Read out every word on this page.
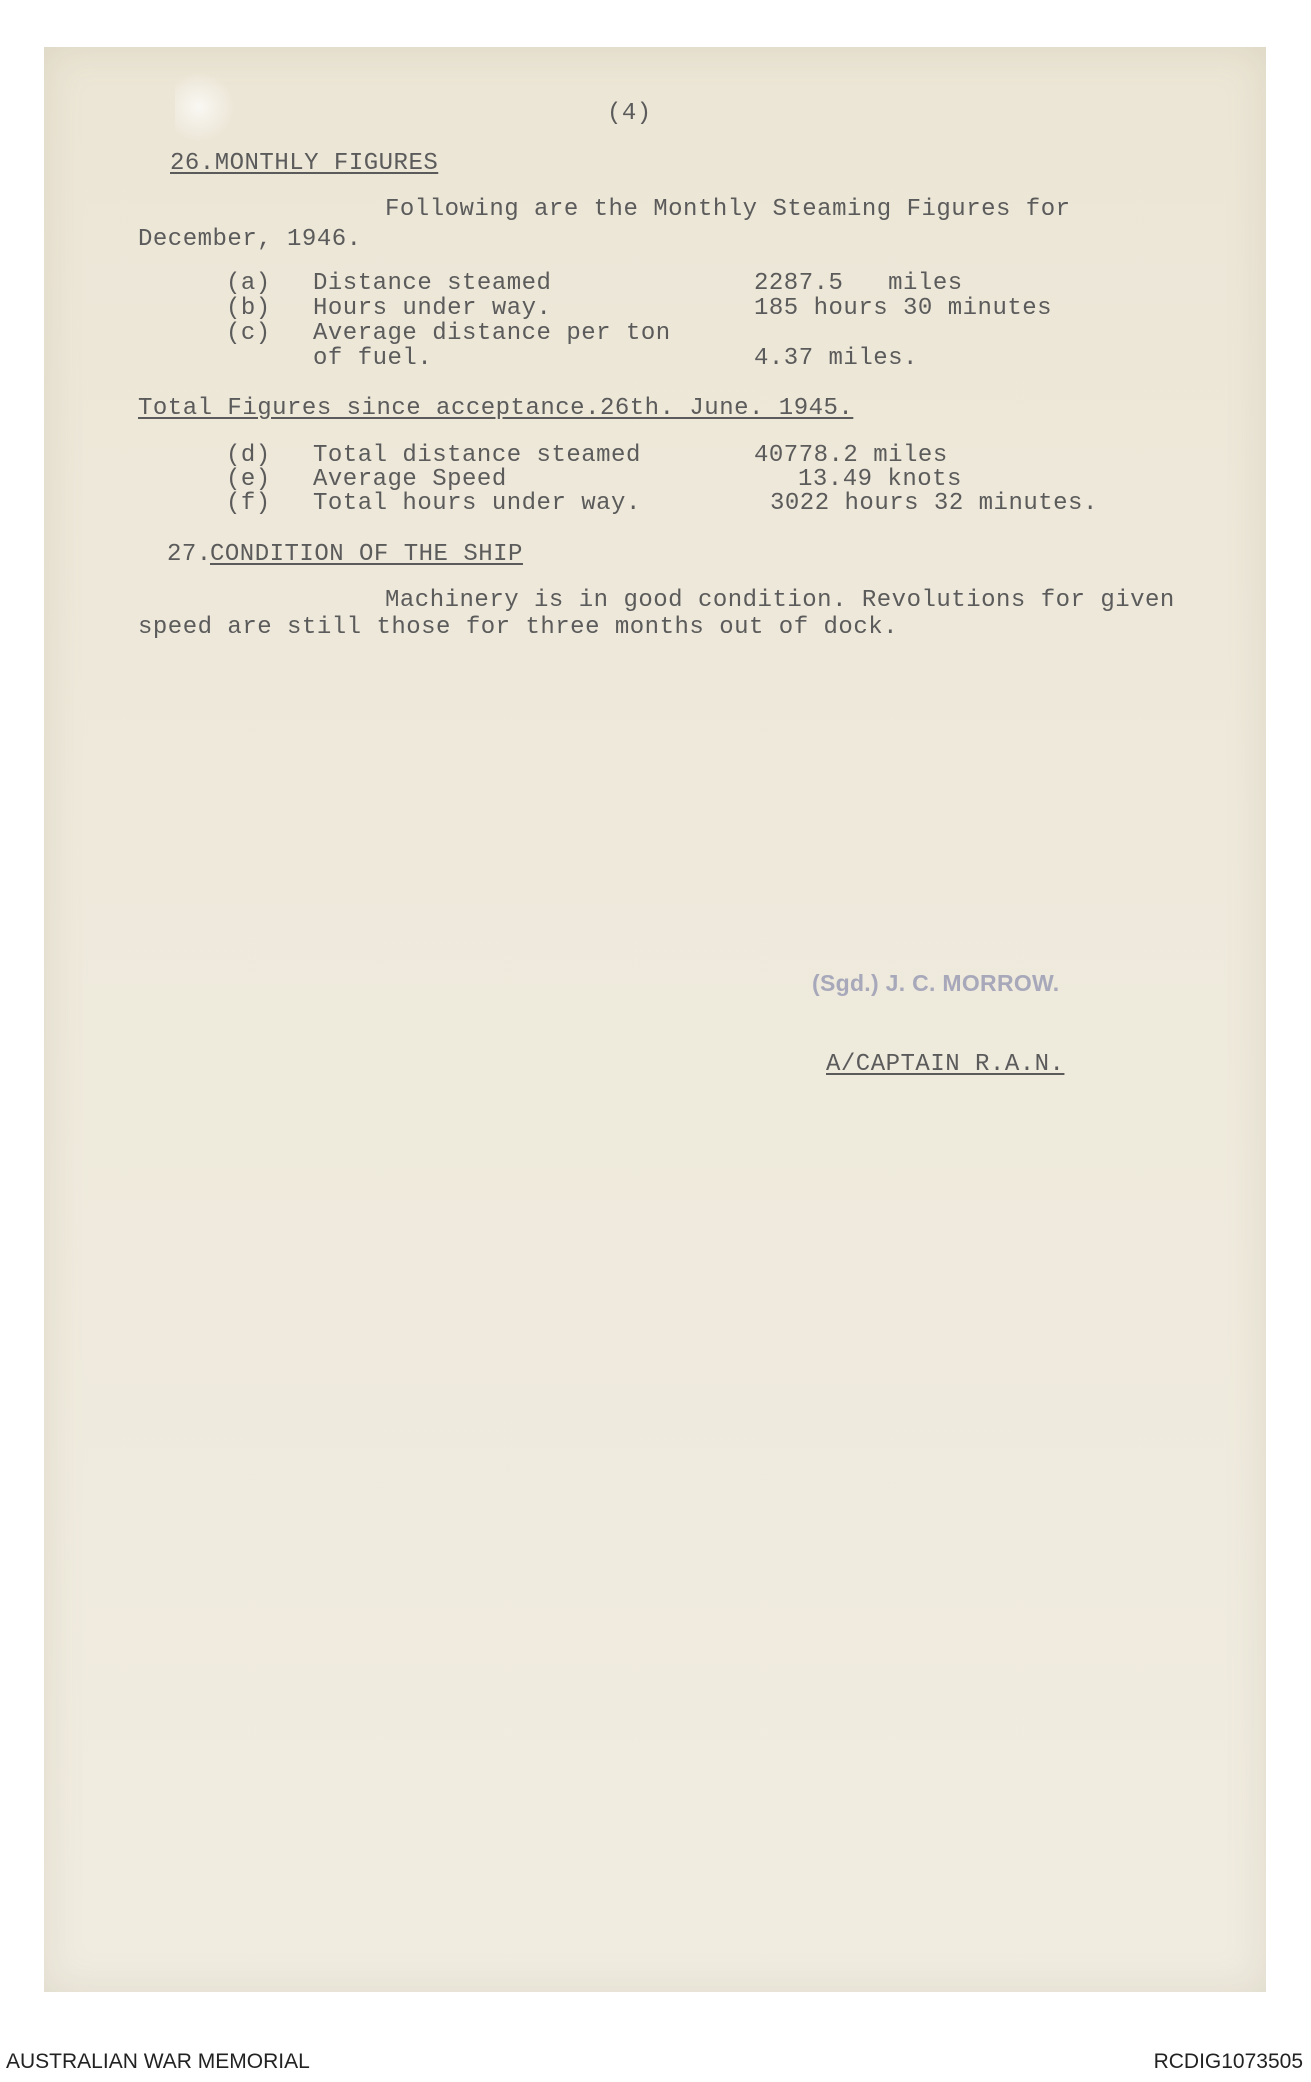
(4)
26.MONTHLY FIGURES
Following are the Monthly Steaming Figures for
December, 1946.
(a) Distance steamed	2287.5   miles
(b) Hours under way.	185 hours 30 minutes
(c) Average distance per ton
of fuel.	4.37 miles.
Total Figures since acceptance.26th. June. 1945.
(d) Total distance steamed	40778.2 miles
(e) Average Speed	13.49 knots
(f) Total hours under way.	3022 hours 32 minutes.
27.
CONDITION OF THE SHIP
Machinery is in good condition. Revolutions for given
speed are still those for three months out of dock.
(Sgd.) J. C. MORROW.
A/CAPTAIN R.A.N.
AUSTRALIAN WAR MEMORIAL	RCDIG1073505
